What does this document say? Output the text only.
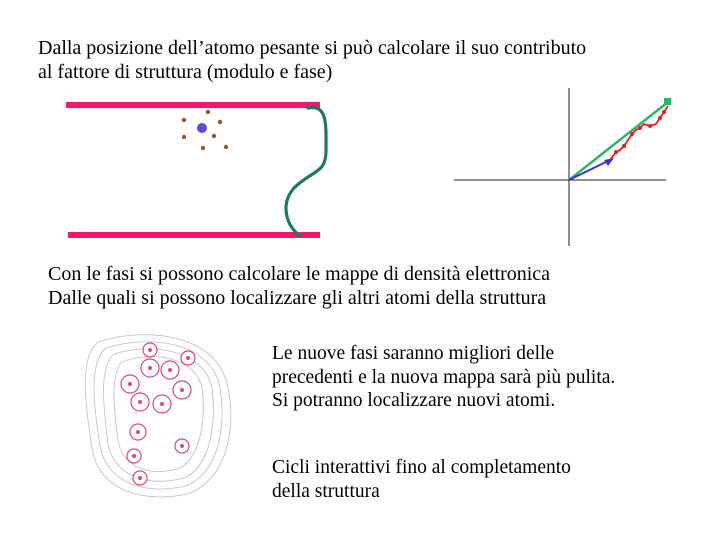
Dalla posizione dell’atomo pesante si può calcolare il suo contributo
al fattore di struttura (modulo e fase)
Con le fasi si possono calcolare le mappe di densità elettronica
Dalle quali si possono localizzare gli altri atomi della struttura
Le nuove fasi saranno migliori delle
precedenti e la nuova mappa sarà più pulita.
Si potranno localizzare nuovi atomi.
Cicli interattivi fino al completamento
della struttura
